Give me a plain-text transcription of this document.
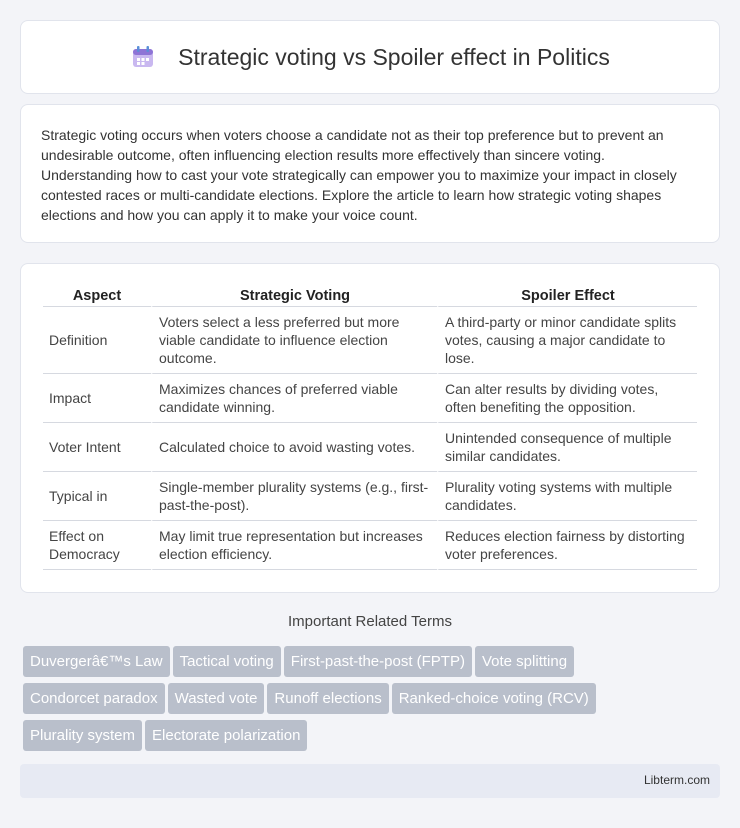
Strategic voting vs Spoiler effect in Politics

Strategic voting occurs when voters choose a candidate not as their top preference but to prevent an undesirable outcome, often influencing election results more effectively than sincere voting. Understanding how to cast your vote strategically can empower you to maximize your impact in closely contested races or multi-candidate elections. Explore the article to learn how strategic voting shapes elections and how you can apply it to make your voice count.

Aspect	Strategic Voting	Spoiler Effect
Definition	Voters select a less preferred but more viable candidate to influence election outcome.	A third-party or minor candidate splits votes, causing a major candidate to lose.
Impact	Maximizes chances of preferred viable candidate winning.	Can alter results by dividing votes, often benefiting the opposition.
Voter Intent	Calculated choice to avoid wasting votes.	Unintended consequence of multiple similar candidates.
Typical in	Single-member plurality systems (e.g., first-past-the-post).	Plurality voting systems with multiple candidates.
Effect on Democracy	May limit true representation but increases election efficiency.	Reduces election fairness by distorting voter preferences.
Important Related Terms
Duvergerâ€™s Law Tactical voting First-past-the-post (FPTP) Vote splitting
Condorcet paradox Wasted vote Runoff elections Ranked-choice voting (RCV)
Plurality system Electorate polarization
Libterm.com
